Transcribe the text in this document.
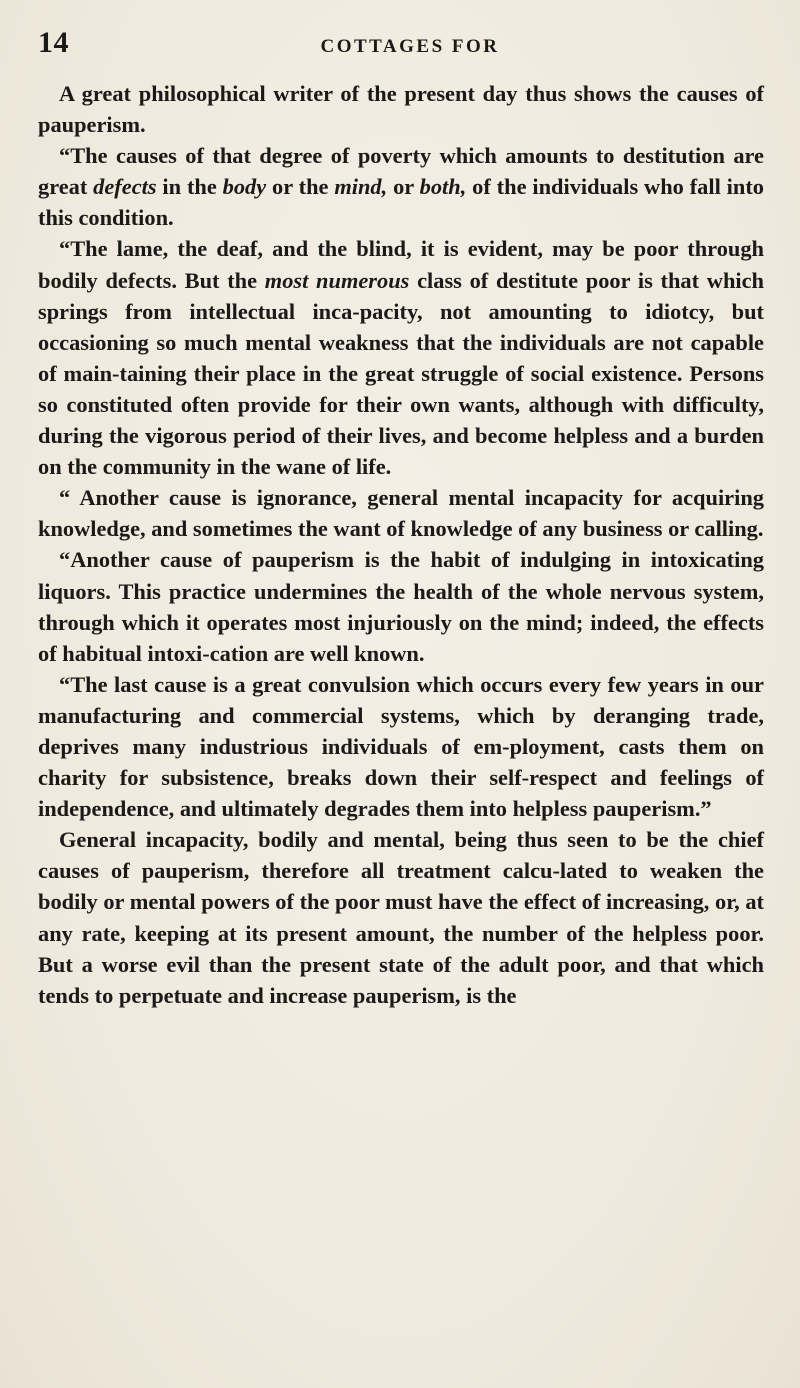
14	COTTAGES FOR

A great philosophical writer of the present day thus shows the causes of pauperism.

“The causes of that degree of poverty which amounts to destitution are great defects in the body or the mind, or both, of the individuals who fall into this condition.

“The lame, the deaf, and the blind, it is evident, may be poor through bodily defects. But the most numerous class of destitute poor is that which springs from intellectual inca-pacity, not amounting to idiotcy, but occasioning so much mental weakness that the individuals are not capable of main-taining their place in the great struggle of social existence. Persons so constituted often provide for their own wants, although with difficulty, during the vigorous period of their lives, and become helpless and a burden on the community in the wane of life.

“ Another cause is ignorance, general mental incapacity for acquiring knowledge, and sometimes the want of knowledge of any business or calling.

“Another cause of pauperism is the habit of indulging in intoxicating liquors. This practice undermines the health of the whole nervous system, through which it operates most injuriously on the mind; indeed, the effects of habitual intoxi-cation are well known.

“The last cause is a great convulsion which occurs every few years in our manufacturing and commercial systems, which by deranging trade, deprives many industrious individuals of em-ployment, casts them on charity for subsistence, breaks down their self-respect and feelings of independence, and ultimately degrades them into helpless pauperism.”

General incapacity, bodily and mental, being thus seen to be the chief causes of pauperism, therefore all treatment calcu-lated to weaken the bodily or mental powers of the poor must have the effect of increasing, or, at any rate, keeping at its present amount, the number of the helpless poor. But a worse evil than the present state of the adult poor, and that which tends to perpetuate and increase pauperism, is the
